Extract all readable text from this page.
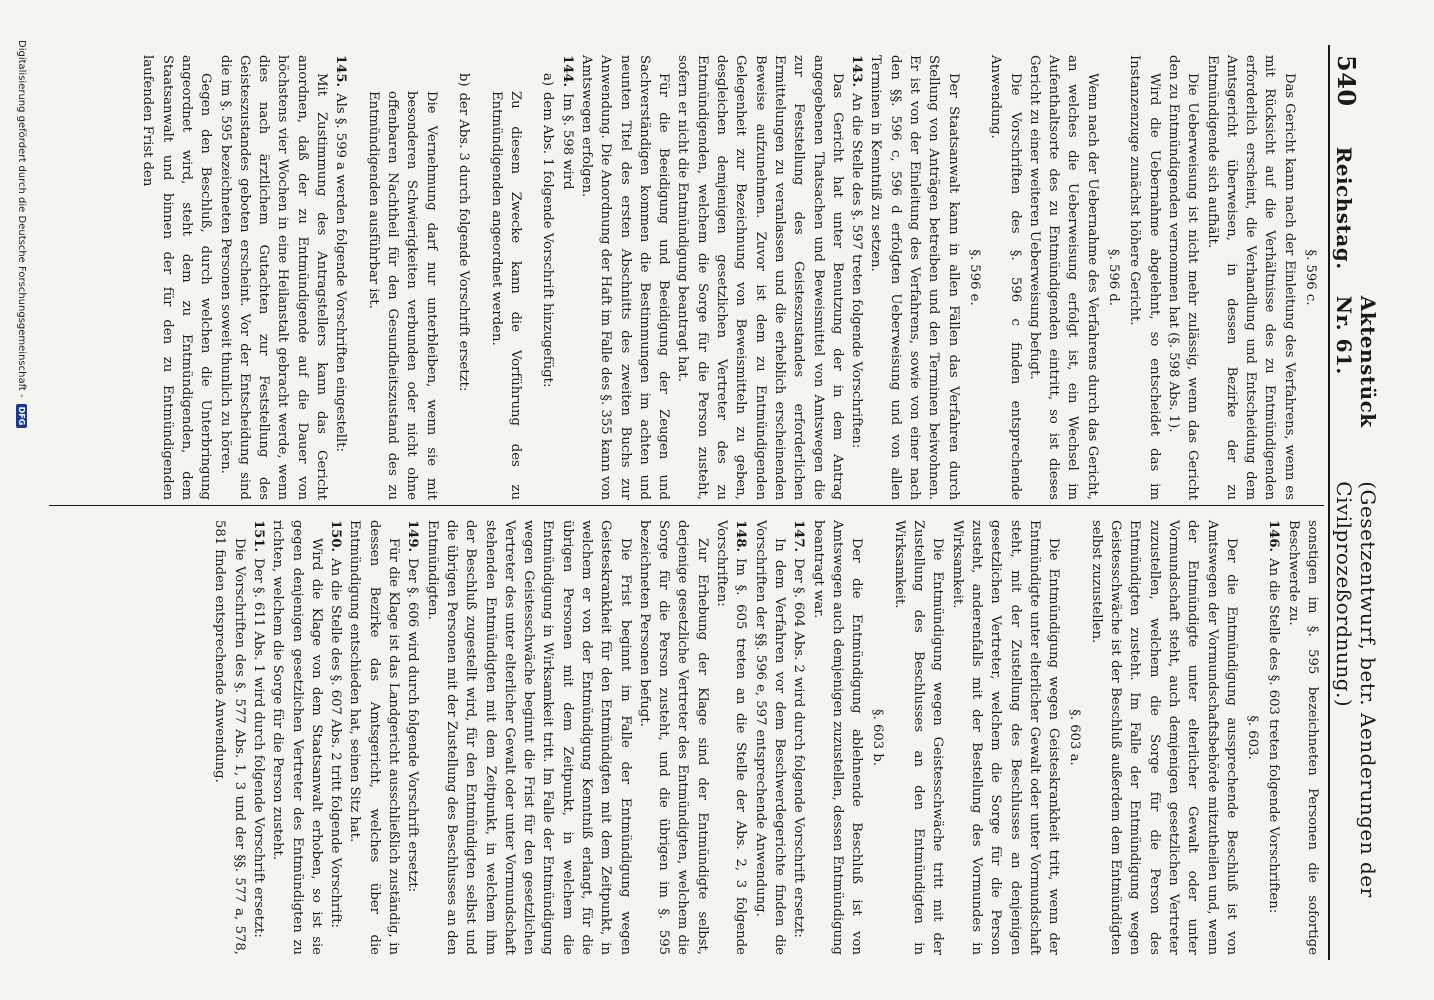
540
Reichstag.
Aktenstück Nr. 61.
(Gesetzentwurf, betr. Aenderungen der Civilprozeßordnung.)
§. 596 c.

Das Gericht kann nach der Einleitung des Verfahrens, wenn es mit Rücksicht auf die Verhältnisse des zu Entmündigenden erforderlich erscheint, die Verhandlung und Entscheidung dem Amtsgericht überweisen, in dessen Bezirke der zu Entmündigende sich aufhält.

Die Ueberweisung ist nicht mehr zulässig, wenn das Gericht den zu Entmündigenden vernommen hat (§. 598 Abs. 1).

Wird die Uebernahme abgelehnt, so entscheidet das im Instanzenzuge zunächst höhere Gericht.

§. 596 d.

Wenn nach der Uebernahme des Verfahrens durch das Gericht, an welches die Ueberweisung erfolgt ist, ein Wechsel im Aufenthaltsorte des zu Entmündigenden eintritt, so ist dieses Gericht zu einer weiteren Ueberweisung befugt.

Die Vorschriften des §. 596 c finden entsprechende Anwendung.

§. 596 e.

Der Staatsanwalt kann in allen Fällen das Verfahren durch Stellung von Anträgen betreiben und den Terminen beiwohnen. Er ist von der Einleitung des Verfahrens, sowie von einer nach den §§. 596 c, 596 d erfolgten Ueberweisung und von allen Terminen in Kenntniß zu setzen.

143.An die Stelle des §. 597 treten folgende Vorschriften:

Das Gericht hat unter Benutzung der in dem Antrag angegebenen Thatsachen und Beweismittel von Amtswegen die zur Feststellung des Geisteszustandes erforderlichen Ermittelungen zu veranlassen und die erheblich erscheinenden Beweise aufzunehmen. Zuvor ist dem zu Entmündigenden Gelegenheit zur Bezeichnung von Beweismitteln zu geben, desgleichen demjenigen gesetzlichen Vertreter des zu Entmündigenden, welchem die Sorge für die Person zusteht, sofern er nicht die Entmündigung beantragt hat.

Für die Beeidigung und Beeidigung der Zeugen und Sachverständigen kommen die Bestimmungen im achten und neunten Titel des ersten Abschnitts des zweiten Buchs zur Anwendung. Die Anordnung der Haft im Falle des §. 355 kann von Amtswegen erfolgen.

144.Im §. 598 wird

a)dem Abs. 1 folgende Vorschrift hinzugefügt:

Zu diesem Zwecke kann die Vorführung des zu Entmündigenden angeordnet werden.

b)der Abs. 3 durch folgende Vorschrift ersetzt:

Die Vernehmung darf nur unterbleiben, wenn sie mit besonderen Schwierigkeiten verbunden oder nicht ohne offenbaren Nachtheil für den Gesundheitszustand des zu Entmündigenden ausführbar ist.

145.Als §. 599 a werden folgende Vorschriften eingestellt:

Mit Zustimmung des Antragstellers kann das Gericht anordnen, daß der zu Entmündigende auf die Dauer von höchstens vier Wochen in eine Heilanstalt gebracht werde, wenn dies nach ärztlichem Gutachten zur Feststellung des Geisteszustandes geboten erscheint. Vor der Entscheidung sind die im §. 595 bezeichneten Personen soweit thunlich zu hören.

Gegen den Beschluß, durch welchen die Unterbringung angeordnet wird, steht dem zu Entmündigenden, dem Staatsanwalt und binnen der für den zu Entmündigenden laufenden Frist den

sonstigen im §. 595 bezeichneten Personen die sofortige Beschwerde zu.

146.An die Stelle des §. 603 treten folgende Vorschriften:

§. 603.

Der die Entmündigung aussprechende Beschluß ist von Amtswegen der Vormundschaftsbehörde mitzutheilen und, wenn der Entmündigte unter elterlicher Gewalt oder unter Vormundschaft steht, auch demjenigen gesetzlichen Vertreter zuzustellen, welchem die Sorge für die Person des Entmündigten zusteht. Im Falle der Entmündigung wegen Geistesschwäche ist der Beschluß außerdem dem Entmündigten selbst zuzustellen.

§. 603 a.

Die Entmündigung wegen Geisteskrankheit tritt, wenn der Entmündigte unter elterlicher Gewalt oder unter Vormundschaft steht, mit der Zustellung des Beschlusses an denjenigen gesetzlichen Vertreter, welchem die Sorge für die Person zusteht, anderenfalls mit der Bestellung des Vormundes in Wirksamkeit.

Die Entmündigung wegen Geistesschwäche tritt mit der Zustellung des Beschlusses an den Entmündigten in Wirksamkeit.

§. 603 b.

Der die Entmündigung ablehnende Beschluß ist von Amtswegen auch demjenigen zuzustellen, dessen Entmündigung beantragt war.

147.Der §. 604 Abs. 2 wird durch folgende Vorschrift ersetzt:

In dem Verfahren vor dem Beschwerdegerichte finden die Vorschriften der §§. 596 e, 597 entsprechende Anwendung.

148.Im §. 605 treten an die Stelle der Abs. 2, 3 folgende Vorschriften:

Zur Erhebung der Klage sind der Entmündigte selbst, derjenige gesetzliche Vertreter des Entmündigten, welchem die Sorge für die Person zusteht, und die übrigen im §. 595 bezeichneten Personen befugt.

Die Frist beginnt im Falle der Entmündigung wegen Geisteskrankheit für den Entmündigten mit dem Zeitpunkt, in welchem er von der Entmündigung Kenntniß erlangt, für die übrigen Personen mit dem Zeitpunkt, in welchem die Entmündigung in Wirksamkeit tritt. Im Falle der Entmündigung wegen Geistesschwäche beginnt die Frist für den gesetzlichen Vertreter des unter elterlicher Gewalt oder unter Vormundschaft stehenden Entmündigten mit dem Zeitpunkt, in welchem ihm der Beschluß zugestellt wird, für den Entmündigten selbst und die übrigen Personen mit der Zustellung des Beschlusses an den Entmündigten.

149.Der §. 606 wird durch folgende Vorschrift ersetzt:

Für die Klage ist das Landgericht ausschließlich zuständig, in dessen Bezirke das Amtsgericht, welches über die Entmündigung entschieden hat, seinen Sitz hat.

150.An die Stelle des §. 607 Abs. 2 tritt folgende Vorschrift:

Wird die Klage von dem Staatsanwalt erhoben, so ist sie gegen denjenigen gesetzlichen Vertreter des Entmündigten zu richten, welchem die Sorge für die Person zusteht.

151.Der §. 611 Abs. 1 wird durch folgende Vorschrift ersetzt:

Die Vorschriften des §. 577 Abs. 1, 3 und der §§. 577 a, 578, 581 finden entsprechende Anwendung.

Digitalisierung gefördert durch die Deutsche Forschungsgemeinschaft -
DFG
